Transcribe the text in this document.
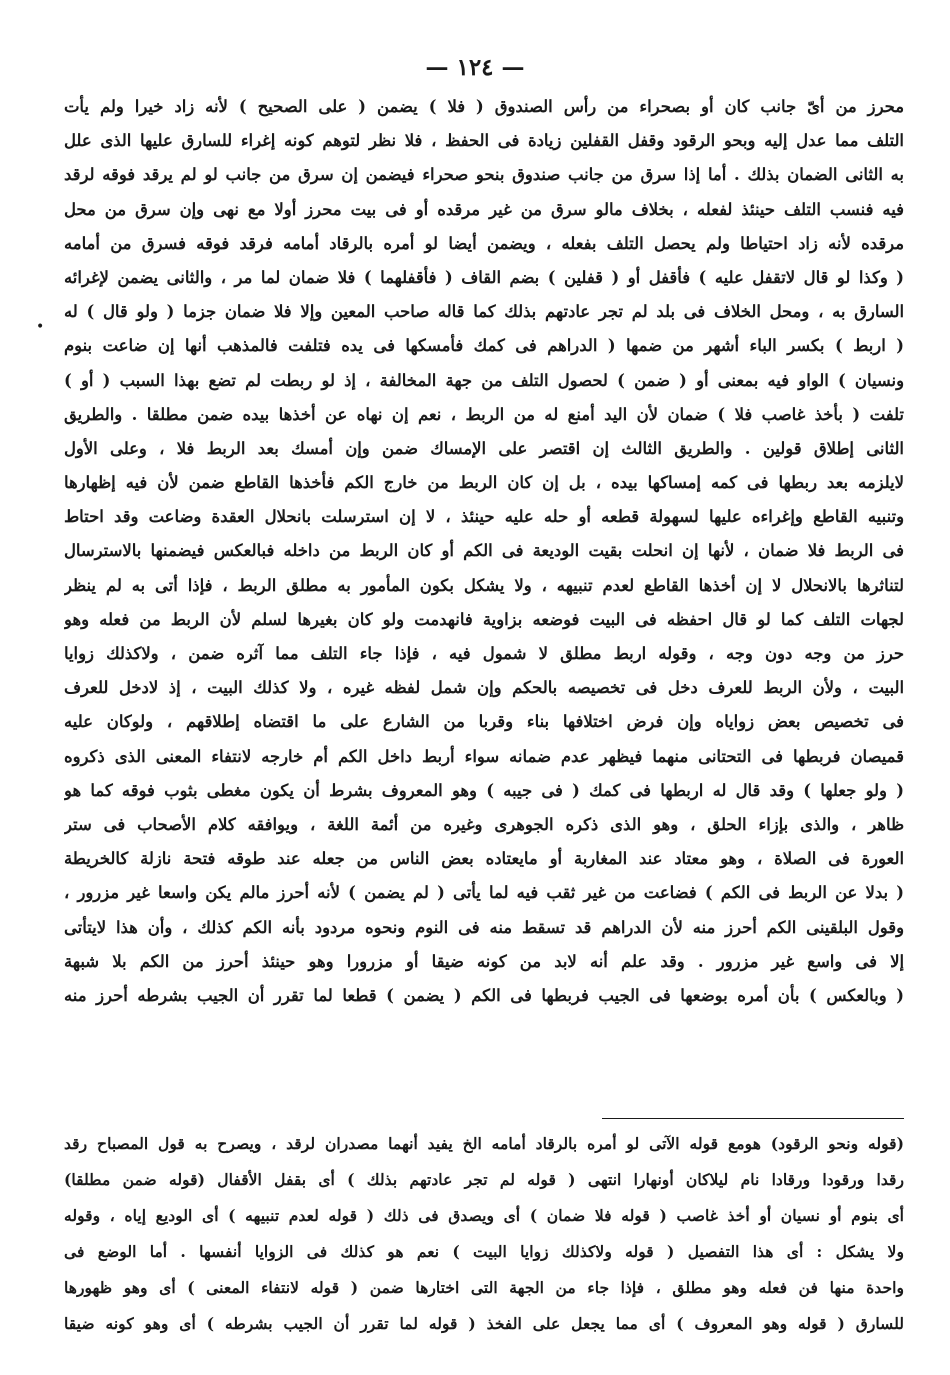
— ١٢٤ —
•
محرز من أىّ جانب كان أو بصحراء من رأس الصندوق ( فلا ) يضمن ( على الصحيح ) لأنه زاد خيرا ولم يأت
التلف مما عدل إليه وبحو الرقود وقفل القفلين زيادة فى الحفظ ، فلا نظر لتوهم كونه إغراء للسارق عليها الذى علل
به الثانى الضمان بذلك . أما إذا سرق من جانب صندوق بنحو صحراء فيضمن إن سرق من جانب لو لم يرقد فوقه لرقد
فيه فنسب التلف حينئذ لفعله ، بخلاف مالو سرق من غير مرقده أو فى بيت محرز أولا مع نهى وإن سرق من محل
مرقده لأنه زاد احتياطا ولم يحصل التلف بفعله ، ويضمن أيضا لو أمره بالرقاد أمامه فرقد فوقه فسرق من أمامه
( وكذا لو قال لاتقفل عليه ) فأقفل أو ( قفلين ) بضم القاف ( فأقفلهما ) فلا ضمان لما مر ، والثانى يضمن لإغرائه
السارق به ، ومحل الخلاف فى بلد لم تجر عادتهم بذلك كما قاله صاحب المعين وإلا فلا ضمان جزما ( ولو قال ) له
( اربط ) بكسر الباء أشهر من ضمها ( الدراهم فى كمك فأمسكها فى يده فتلفت فالمذهب أنها إن ضاعت بنوم
ونسيان ) الواو فيه بمعنى أو ( ضمن ) لحصول التلف من جهة المخالفة ، إذ لو ربطت لم تضع بهذا السبب ( أو )
تلفت ( بأخذ غاصب فلا ) ضمان لأن اليد أمنع له من الربط ، نعم إن نهاه عن أخذها بيده ضمن مطلقا . والطريق
الثانى إطلاق قولين . والطريق الثالث إن اقتصر على الإمساك ضمن وإن أمسك بعد الربط فلا ، وعلى الأول
لايلزمه بعد ربطها فى كمه إمساكها بيده ، بل إن كان الربط من خارج الكم فأخذها القاطع ضمن لأن فيه إظهارها
وتنبيه القاطع وإغراءه عليها لسهولة قطعه أو حله عليه حينئذ ، لا إن استرسلت بانحلال العقدة وضاعت وقد احتاط
فى الربط فلا ضمان ، لأنها إن انحلت بقيت الوديعة فى الكم أو كان الربط من داخله فبالعكس فيضمنها بالاسترسال
لتناثرها بالانحلال لا إن أخذها القاطع لعدم تنبيهه ، ولا يشكل بكون المأمور به مطلق الربط ، فإذا أتى به لم ينظر
لجهات التلف كما لو قال احفظه فى البيت فوضعه بزاوية فانهدمت ولو كان بغيرها لسلم لأن الربط من فعله وهو
حرز من وجه دون وجه ، وقوله اربط مطلق لا شمول فيه ، فإذا جاء التلف مما آثره ضمن ، ولاكذلك زوايا
البيت ، ولأن الربط للعرف دخل فى تخصيصه بالحكم وإن شمل لفظه غيره ، ولا كذلك البيت ، إذ لادخل للعرف
فى تخصيص بعض زواياه وإن فرض اختلافها بناء وقربا من الشارع على ما اقتضاه إطلاقهم ، ولوكان عليه
قميصان فربطها فى التحتانى منهما فيظهر عدم ضمانه سواء أربط داخل الكم أم خارجه لانتفاء المعنى الذى ذكروه
( ولو جعلها ) وقد قال له اربطها فى كمك ( فى جيبه ) وهو المعروف بشرط أن يكون مغطى بثوب فوقه كما هو
ظاهر ، والذى بإزاء الحلق ، وهو الذى ذكره الجوهرى وغيره من أئمة اللغة ، ويوافقه كلام الأصحاب فى ستر
العورة فى الصلاة ، وهو معتاد عند المغاربة أو مايعتاده بعض الناس من جعله عند طوقه فتحة نازلة كالخريطة
( بدلا عن الربط فى الكم ) فضاعت من غير ثقب فيه لما يأتى ( لم يضمن ) لأنه أحرز مالم يكن واسعا غير مزرور ،
وقول البلقينى الكم أحرز منه لأن الدراهم قد تسقط منه فى النوم ونحوه مردود بأنه الكم كذلك ، وأن هذا لايتأتى
إلا فى واسع غير مزرور . وقد علم أنه لابد من كونه ضيقا أو مزرورا وهو حينئذ أحرز من الكم بلا شبهة
( وبالعكس ) بأن أمره بوضعها فى الجيب فربطها فى الكم ( يضمن ) قطعا لما تقرر أن الجيب بشرطه أحرز منه
(قوله ونحو الرقود) هومع قوله الآتى لو أمره بالرقاد أمامه الخ يفيد أنهما مصدران لرقد ، ويصرح به قول المصباح رقد
رقدا ورقودا ورقادا نام ليلاكان أونهارا انتهى ( قوله لم تجر عادتهم بذلك ) أى بقفل الأقفال (قوله ضمن مطلقا)
أى بنوم أو نسيان أو أخذ غاصب ( قوله فلا ضمان ) أى ويصدق فى ذلك ( قوله لعدم تنبيهه ) أى الوديع إياه ، وقوله
ولا يشكل : أى هذا التفصيل ( قوله ولاكذلك زوايا البيت ) نعم هو كذلك فى الزوايا أنفسها . أما الوضع فى
واحدة منها فن فعله وهو مطلق ، فإذا جاء من الجهة التى اختارها ضمن ( قوله لانتفاء المعنى ) أى وهو ظهورها
للسارق ( قوله وهو المعروف ) أى مما يجعل على الفخذ ( قوله لما تقرر أن الجيب بشرطه ) أى وهو كونه ضيقا
